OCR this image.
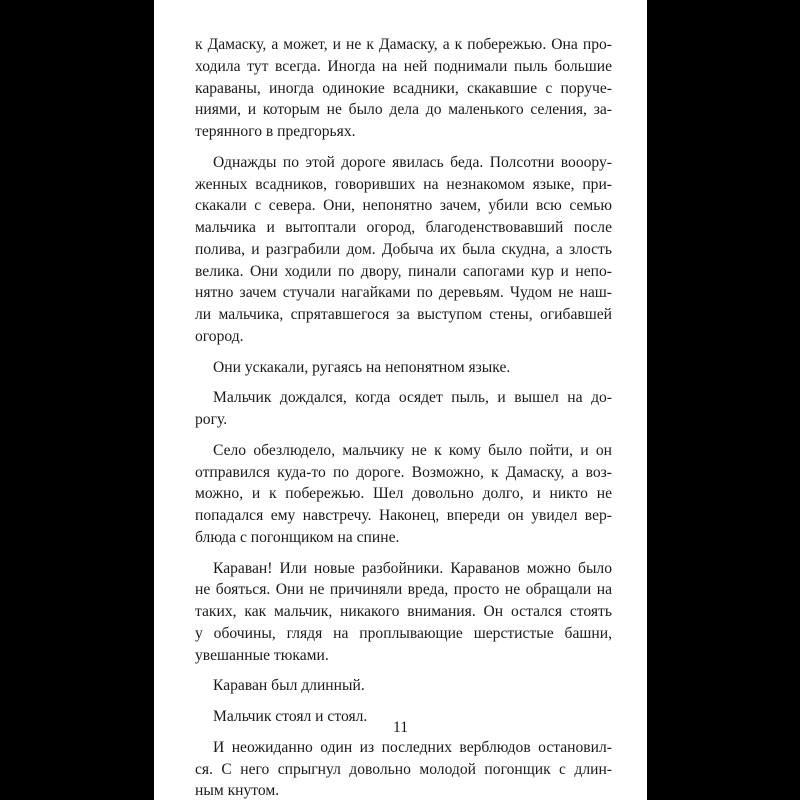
к Дамаску, а может, и не к Дамаску, а к побережью. Она про-
ходила тут всегда. Иногда на ней поднимали пыль большие
караваны, иногда одинокие всадники, скакавшие с поруче-
ниями, и которым не было дела до маленького селения, за-
терянного в предгорьях.
Однажды по этой дороге явилась беда. Полсотни вооору-
женных всадников, говоривших на незнакомом языке, при-
скакали с севера. Они, непонятно зачем, убили всю семью
мальчика и вытоптали огород, благоденствовавший после
полива, и разграбили дом. Добыча их была скудна, а злость
велика. Они ходили по двору, пинали сапогами кур и непо-
нятно зачем стучали нагайками по деревьям. Чудом не наш-
ли мальчика, спрятавшегося за выступом стены, огибавшей
огород.
Они ускакали, ругаясь на непонятном языке.
Мальчик дождался, когда осядет пыль, и вышел на до-
рогу.
Село обезлюдело, мальчику не к кому было пойти, и он
отправился куда-то по дороге. Возможно, к Дамаску, а воз-
можно, и к побережью. Шел довольно долго, и никто не
попадался ему навстречу. Наконец, впереди он увидел вер-
блюда с погонщиком на спине.
Караван! Или новые разбойники. Караванов можно было
не бояться. Они не причиняли вреда, просто не обращали на
таких, как мальчик, никакого внимания. Он остался стоять
у обочины, глядя на проплывающие шерстистые башни,
увешанные тюками.
Караван был длинный.
Мальчик стоял и стоял.
И неожиданно один из последних верблюдов остановил-
ся. С него спрыгнул довольно молодой погонщик с длин-
ным кнутом.
11
